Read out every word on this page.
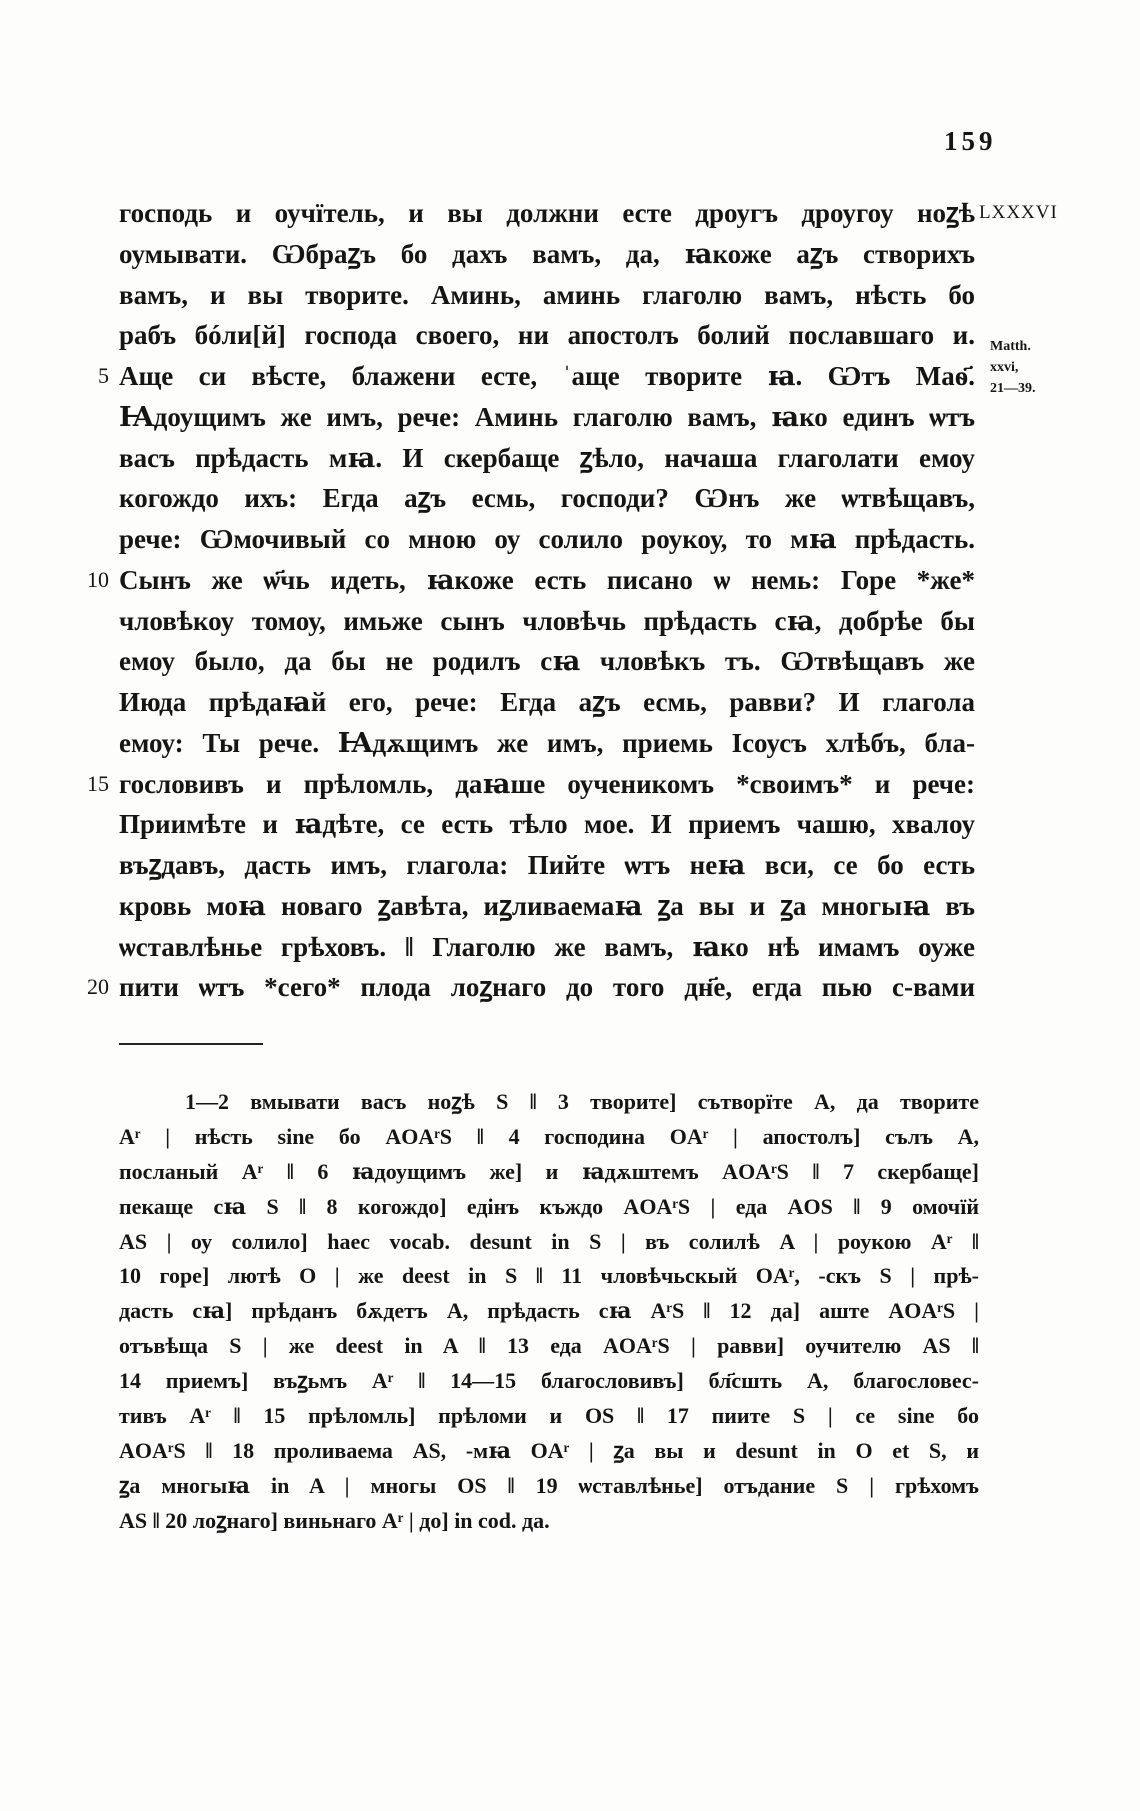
159
LXXXVI
Matth.
xxvi,
21—39.
господь и оучїтель, и вы должни есте дроугъ дроугоу ноꙁѣ
оумывати. Ѡбраꙁъ бо дахъ вамъ, да, ꙗкоже аꙁъ створихъ
вамъ, и вы творите. Аминь, аминь глаголю вамъ, нѣсть бо
рабъ бóли[й] господа своего, ни апостолъ болий пославшаго и.
5 Аще си вѣсте, блажени есте, ˈаще творите ꙗ. Ѡтъ Маѳ҃.
Ꙗдоущимъ же имъ, рече: Аминь глаголю вамъ, ꙗко единъ ѡтъ
васъ прѣдасть мꙗ. И скербаще ꙁѣло, начаша глаголати емоу
когождо ихъ: Егда аꙁъ есмь, господи? Ѡнъ же ѡтвѣщавъ,
рече: Ѡмочивый со мною оу солило роукоу, то мꙗ прѣдасть.
10 Сынъ же ѡ҃чь идеть, ꙗкоже есть писано ѡ немь: Горе *же*
чловѣкоу томоу, имьже сынъ чловѣчь прѣдасть сꙗ, добрѣе бы
емоу было, да бы не родилъ сꙗ чловѣкъ тъ. Ѡтвѣщавъ же
Июда прѣдаꙗй его, рече: Егда аꙁъ есмь, равви? И глагола
емоу: Ты рече. Ꙗдѫщимъ же имъ, приемь Ісоусъ хлѣбъ, бла-
15 гословивъ и прѣломль, даꙗше оученикомъ *своимъ* и рече:
Приимѣте и ꙗдѣте, се есть тѣло мое. И приемъ чашю, хвалоу
въꙁдавъ, дасть имъ, глагола: Пийте ѡтъ неꙗ вси, се бо есть
кровь моꙗ новаго ꙁавѣта, иꙁливаемаꙗ ꙁа вы и ꙁа многыꙗ въ
ѡставлѣнье грѣховъ. ‖ Глаголю же вамъ, ꙗко нѣ имамъ оуже
20 пити ѡтъ *сего* плода лоꙁнаго до того дн҃е, егда пью с-вами
1—2 вмывати васъ ноꙁѣ S ‖ 3 творите] сътворїте A, да творите
Aʳ | нѣсть sine бо AOAʳS ‖ 4 господина OAʳ | апостолъ] сълъ A,
посланый Aʳ ‖ 6 ꙗдоущимъ же] и ꙗдѫштемъ AOAʳS ‖ 7 скербаще]
пекаще сꙗ S ‖ 8 когождо] едінъ къждо AOAʳS | еда AOS ‖ 9 омочїй
AS | оу солило] haec vocab. desunt in S | въ солилѣ A | роукою Aʳ ‖
10 горе] лютѣ O | же deest in S ‖ 11 чловѣчьскый OAʳ, -скъ S | прѣ-
дасть сꙗ] прѣданъ бѫдетъ A, прѣдасть сꙗ AʳS ‖ 12 да] аште AOAʳS |
отъвѣща S | же deest in A ‖ 13 еда AOAʳS | равви] оучителю AS ‖
14 приемъ] въꙁьмъ Aʳ ‖ 14—15 благословивъ] бл҃сшть A, благословес-
тивъ Aʳ ‖ 15 прѣломль] прѣломи и OS ‖ 17 пиите S | се sine бо
AOAʳS ‖ 18 проливаема AS, -мꙗ OAʳ | ꙁа вы и desunt in O et S, и
ꙁа многыꙗ in A | многы OS ‖ 19 ѡставлѣнье] отъдание S | грѣхомъ
AS ‖ 20 лоꙁнаго] виньнаго Aʳ | до] in cod. да.
